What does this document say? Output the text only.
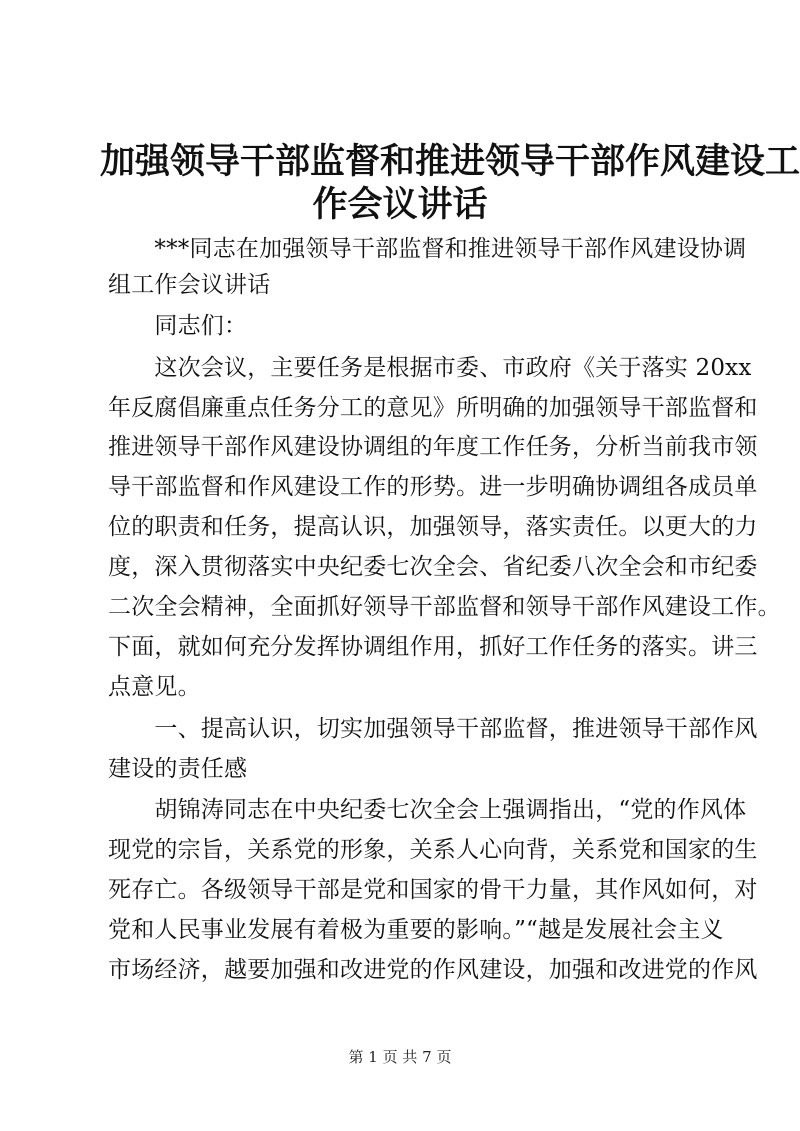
加强领导干部监督和推进领导干部作风建设工
作会议讲话
　　***同志在加强领导干部监督和推进领导干部作风建设协调
组工作会议讲话
　　同志们：
　　这次会议，主要任务是根据市委、市政府《关于落实 20xx
年反腐倡廉重点任务分工的意见》所明确的加强领导干部监督和
推进领导干部作风建设协调组的年度工作任务，分析当前我市领
导干部监督和作风建设工作的形势。进一步明确协调组各成员单
位的职责和任务，提高认识，加强领导，落实责任。以更大的力
度，深入贯彻落实中央纪委七次全会、省纪委八次全会和市纪委
二次全会精神，全面抓好领导干部监督和领导干部作风建设工作。
下面，就如何充分发挥协调组作用，抓好工作任务的落实。讲三
点意见。
　　一、提高认识，切实加强领导干部监督，推进领导干部作风
建设的责任感
　　胡锦涛同志在中央纪委七次全会上强调指出，“党的作风体
现党的宗旨，关系党的形象，关系人心向背，关系党和国家的生
死存亡。各级领导干部是党和国家的骨干力量，其作风如何，对
党和人民事业发展有着极为重要的影响。”“越是发展社会主义
市场经济，越要加强和改进党的作风建设，加强和改进党的作风
第 1 页 共 7 页
